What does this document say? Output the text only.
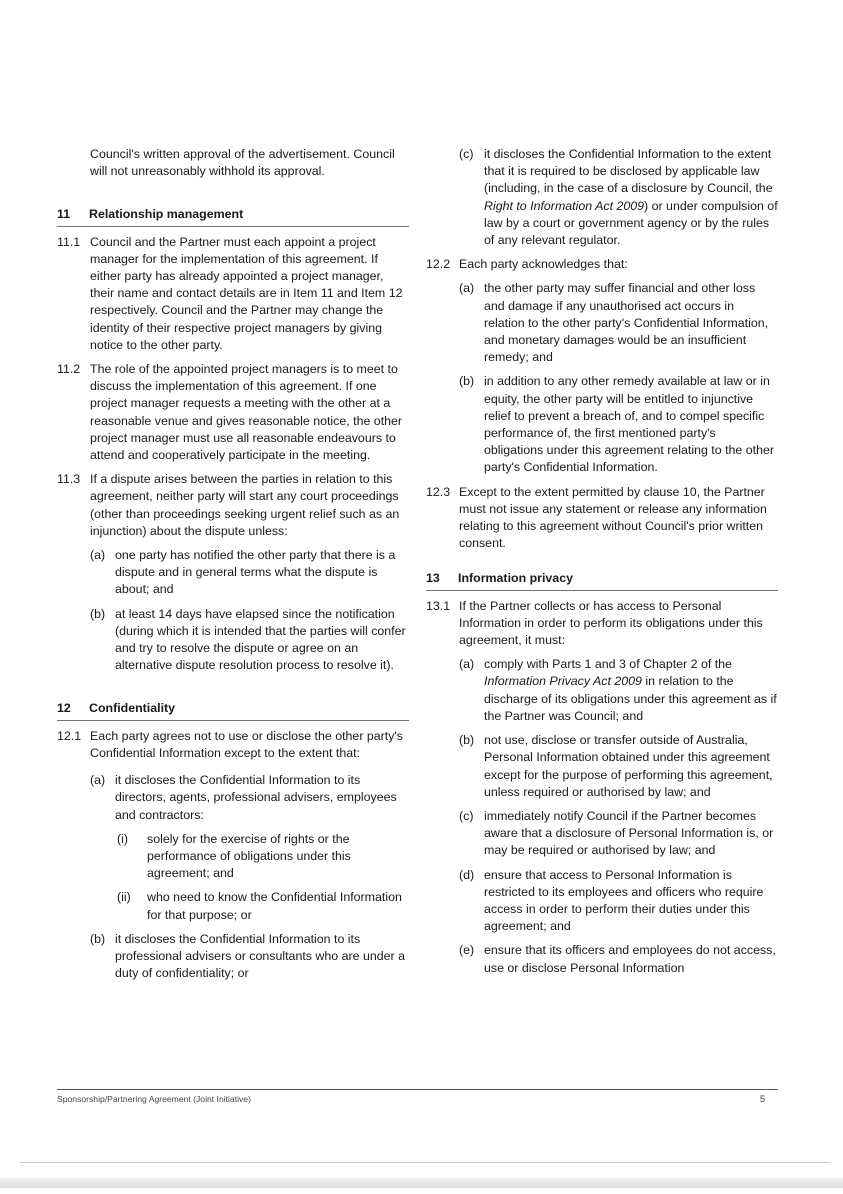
Council's written approval of the advertisement. Council will not unreasonably withhold its approval.

11	Relationship management
11.1 Council and the Partner must each appoint a project manager for the implementation of this agreement. If either party has already appointed a project manager, their name and contact details are in Item 11 and Item 12 respectively. Council and the Partner may change the identity of their respective project managers by giving notice to the other party.
11.2 The role of the appointed project managers is to meet to discuss the implementation of this agreement. If one project manager requests a meeting with the other at a reasonable venue and gives reasonable notice, the other project manager must use all reasonable endeavours to attend and cooperatively participate in the meeting.
11.3 If a dispute arises between the parties in relation to this agreement, neither party will start any court proceedings (other than proceedings seeking urgent relief such as an injunction) about the dispute unless:
(a) one party has notified the other party that there is a dispute and in general terms what the dispute is about; and
(b) at least 14 days have elapsed since the notification (during which it is intended that the parties will confer and try to resolve the dispute or agree on an alternative dispute resolution process to resolve it).
12	Confidentiality
12.1 Each party agrees not to use or disclose the other party's Confidential Information except to the extent that:
(a) it discloses the Confidential Information to its directors, agents, professional advisers, employees and contractors:
(i)	solely for the exercise of rights or the performance of obligations under this agreement; and
(ii)	who need to know the Confidential Information for that purpose; or
(b) it discloses the Confidential Information to its professional advisers or consultants who are under a duty of confidentiality; or
(c) it discloses the Confidential Information to the extent that it is required to be disclosed by applicable law (including, in the case of a disclosure by Council, the Right to Information Act 2009) or under compulsion of law by a court or government agency or by the rules of any relevant regulator.
12.2 Each party acknowledges that:
(a) the other party may suffer financial and other loss and damage if any unauthorised act occurs in relation to the other party's Confidential Information, and monetary damages would be an insufficient remedy; and
(b) in addition to any other remedy available at law or in equity, the other party will be entitled to injunctive relief to prevent a breach of, and to compel specific performance of, the first mentioned party's obligations under this agreement relating to the other party's Confidential Information.
12.3 Except to the extent permitted by clause 10, the Partner must not issue any statement or release any information relating to this agreement without Council's prior written consent.
13	Information privacy
13.1 If the Partner collects or has access to Personal Information in order to perform its obligations under this agreement, it must:
(a) comply with Parts 1 and 3 of Chapter 2 of the Information Privacy Act 2009 in relation to the discharge of its obligations under this agreement as if the Partner was Council; and
(b) not use, disclose or transfer outside of Australia, Personal Information obtained under this agreement except for the purpose of performing this agreement, unless required or authorised by law; and
(c) immediately notify Council if the Partner becomes aware that a disclosure of Personal Information is, or may be required or authorised by law; and
(d) ensure that access to Personal Information is restricted to its employees and officers who require access in order to perform their duties under this agreement; and
(e) ensure that its officers and employees do not access, use or disclose Personal Information
Sponsorship/Partnering Agreement (Joint Initiative)	5
